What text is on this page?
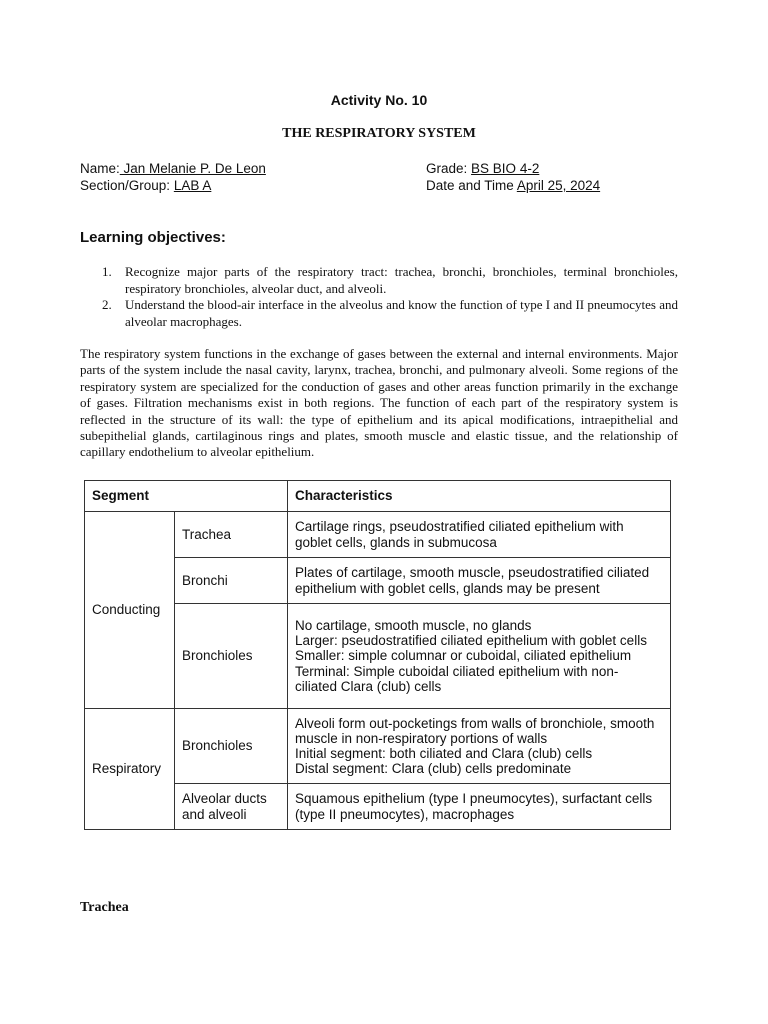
Activity No. 10
THE RESPIRATORY SYSTEM
Name: Jan Melanie P. De Leon
Section/Group: LAB A
Grade: BS BIO 4-2
Date and Time April 25, 2024
Learning objectives:
1. Recognize major parts of the respiratory tract: trachea, bronchi, bronchioles, terminal bronchioles, respiratory bronchioles, alveolar duct, and alveoli.
2. Understand the blood-air interface in the alveolus and know the function of type I and II pneumocytes and alveolar macrophages.

The respiratory system functions in the exchange of gases between the external and internal environments. Major parts of the system include the nasal cavity, larynx, trachea, bronchi, and pulmonary alveoli. Some regions of the respiratory system are specialized for the conduction of gases and other areas function primarily in the exchange of gases. Filtration mechanisms exist in both regions. The function of each part of the respiratory system is reflected in the structure of its wall: the type of epithelium and its apical modifications, intraepithelial and subepithelial glands, cartilaginous rings and plates, smooth muscle and elastic tissue, and the relationship of capillary endothelium to alveolar epithelium.

Segment		Characteristics
Conducting	Trachea	Cartilage rings, pseudostratified ciliated epithelium with
goblet cells, glands in submucosa

	Bronchi	Plates of cartilage, smooth muscle, pseudostratified ciliated
epithelium with goblet cells, glands may be present

	Bronchioles	No cartilage, smooth muscle, no glands
Larger: pseudostratified ciliated epithelium with goblet cells
Smaller: simple columnar or cuboidal, ciliated epithelium
Terminal: Simple cuboidal ciliated epithelium with non-
ciliated Clara (club) cells

Respiratory	Bronchioles	Alveoli form out-pocketings from walls of bronchiole, smooth
muscle in non-respiratory portions of walls
Initial segment: both ciliated and Clara (club) cells
Distal segment: Clara (club) cells predominate

	Alveolar ducts and alveoli	Squamous epithelium (type I pneumocytes), surfactant cells
(type II pneumocytes), macrophages
Trachea
